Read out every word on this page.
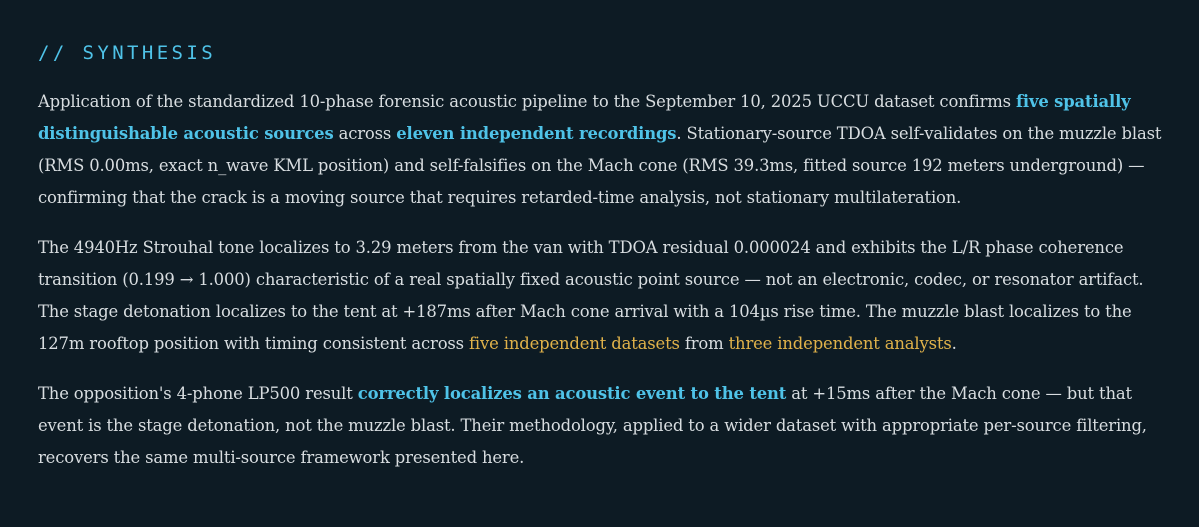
// SYNTHESIS

Application of the standardized 10-phase forensic acoustic pipeline to the September 10, 2025 UCCU dataset confirms five spatially distinguishable acoustic sources across eleven independent recordings. Stationary-source TDOA self-validates on the muzzle blast (RMS 0.00ms, exact n_wave KML position) and self-falsifies on the Mach cone (RMS 39.3ms, fitted source 192 meters underground) — confirming that the crack is a moving source that requires retarded-time analysis, not stationary multilateration.

The 4940Hz Strouhal tone localizes to 3.29 meters from the van with TDOA residual 0.000024 and exhibits the L/R phase coherence transition (0.199 → 1.000) characteristic of a real spatially fixed acoustic point source — not an electronic, codec, or resonator artifact. The stage detonation localizes to the tent at +187ms after Mach cone arrival with a 104µs rise time. The muzzle blast localizes to the 127m rooftop position with timing consistent across five independent datasets from three independent analysts.

The opposition's 4-phone LP500 result correctly localizes an acoustic event to the tent at +15ms after the Mach cone — but that event is the stage detonation, not the muzzle blast. Their methodology, applied to a wider dataset with appropriate per-source filtering, recovers the same multi-source framework presented here.
